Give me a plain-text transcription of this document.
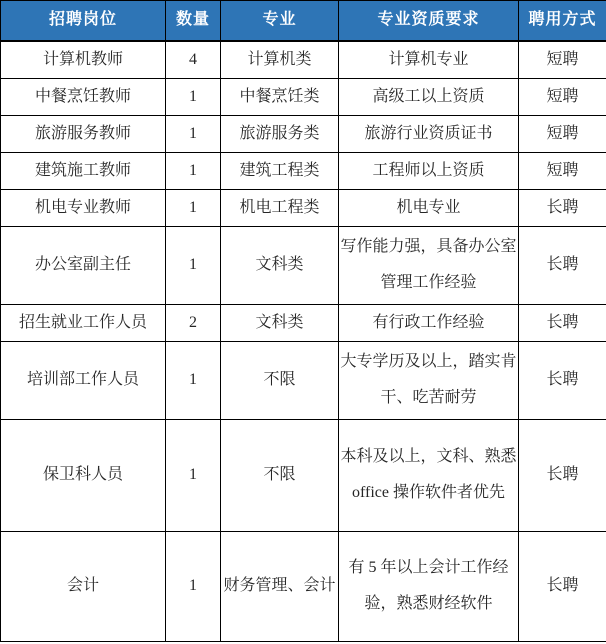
招聘岗位	数量	专业	专业资质要求	聘用方式
计算机教师	4	计算机类	计算机专业	短聘
中餐烹饪教师	1	中餐烹饪类	高级工以上资质	短聘
旅游服务教师	1	旅游服务类	旅游行业资质证书	短聘
建筑施工教师	1	建筑工程类	工程师以上资质	短聘
机电专业教师	1	机电工程类	机电专业	长聘
办公室副主任	1	文科类	写作能力强，具备办公室管理工作经验	长聘
招生就业工作人员	2	文科类	有行政工作经验	长聘
培训部工作人员	1	不限	大专学历及以上，踏实肯干、吃苦耐劳	长聘
保卫科人员	1	不限	本科及以上，文科、熟悉 office 操作软件者优先	长聘
会计	1	财务管理、会计	有 5 年以上会计工作经验，熟悉财经软件	长聘
